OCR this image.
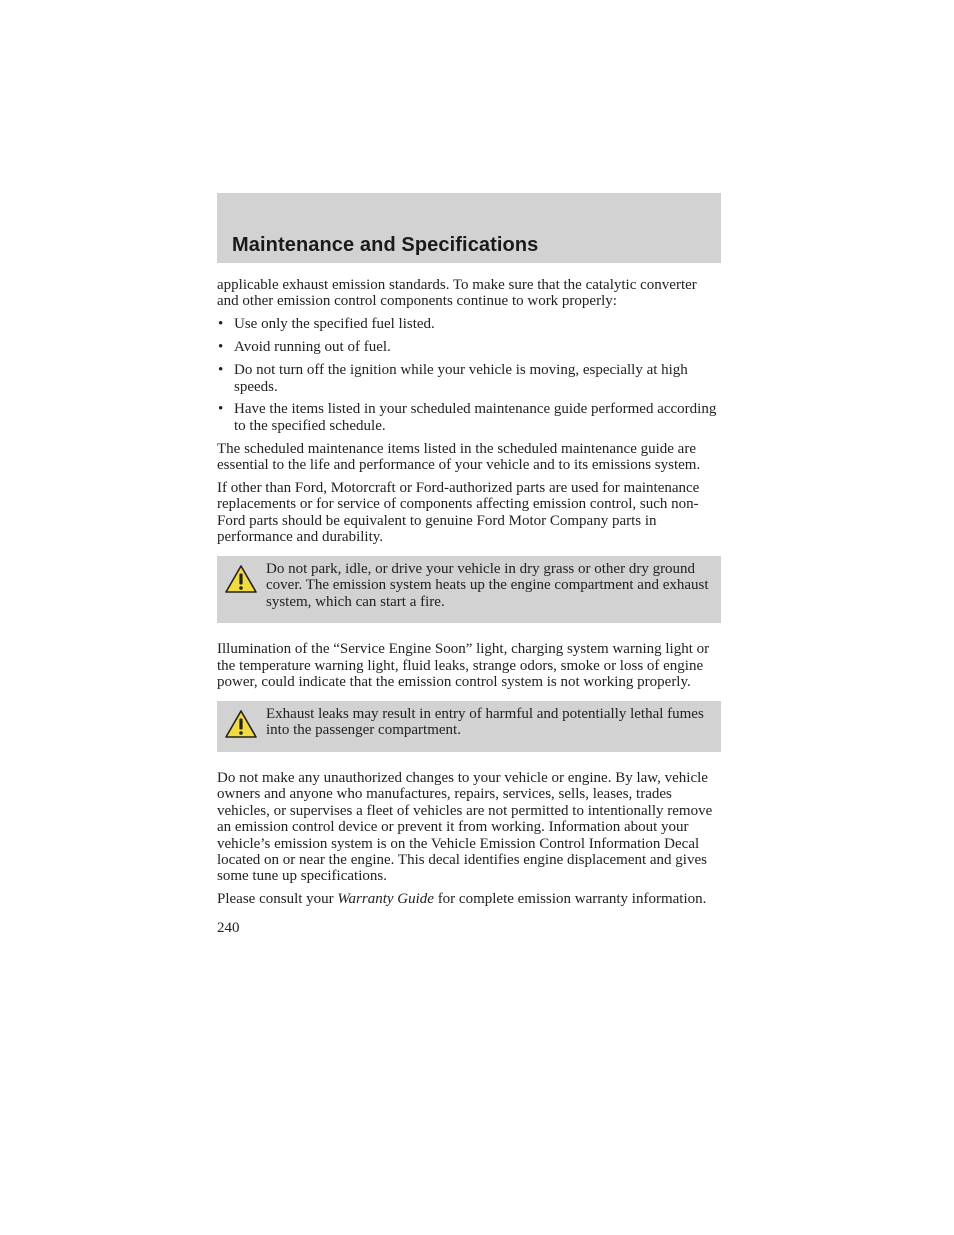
Maintenance and Specifications

applicable exhaust emission standards. To make sure that the catalytic converter and other emission control components continue to work properly:

• Use only the specified fuel listed.
• Avoid running out of fuel.
• Do not turn off the ignition while your vehicle is moving, especially at high speeds.
• Have the items listed in your scheduled maintenance guide performed according to the specified schedule.

The scheduled maintenance items listed in the scheduled maintenance guide are essential to the life and performance of your vehicle and to its emissions system.

If other than Ford, Motorcraft or Ford-authorized parts are used for maintenance replacements or for service of components affecting emission control, such non-Ford parts should be equivalent to genuine Ford Motor Company parts in performance and durability.

Do not park, idle, or drive your vehicle in dry grass or other dry ground cover. The emission system heats up the engine compartment and exhaust system, which can start a fire.

Illumination of the “Service Engine Soon” light, charging system warning light or the temperature warning light, fluid leaks, strange odors, smoke or loss of engine power, could indicate that the emission control system is not working properly.

Exhaust leaks may result in entry of harmful and potentially lethal fumes into the passenger compartment.

Do not make any unauthorized changes to your vehicle or engine. By law, vehicle owners and anyone who manufactures, repairs, services, sells, leases, trades vehicles, or supervises a fleet of vehicles are not permitted to intentionally remove an emission control device or prevent it from working. Information about your vehicle’s emission system is on the Vehicle Emission Control Information Decal located on or near the engine. This decal identifies engine displacement and gives some tune up specifications.

Please consult your Warranty Guide for complete emission warranty information.

240
